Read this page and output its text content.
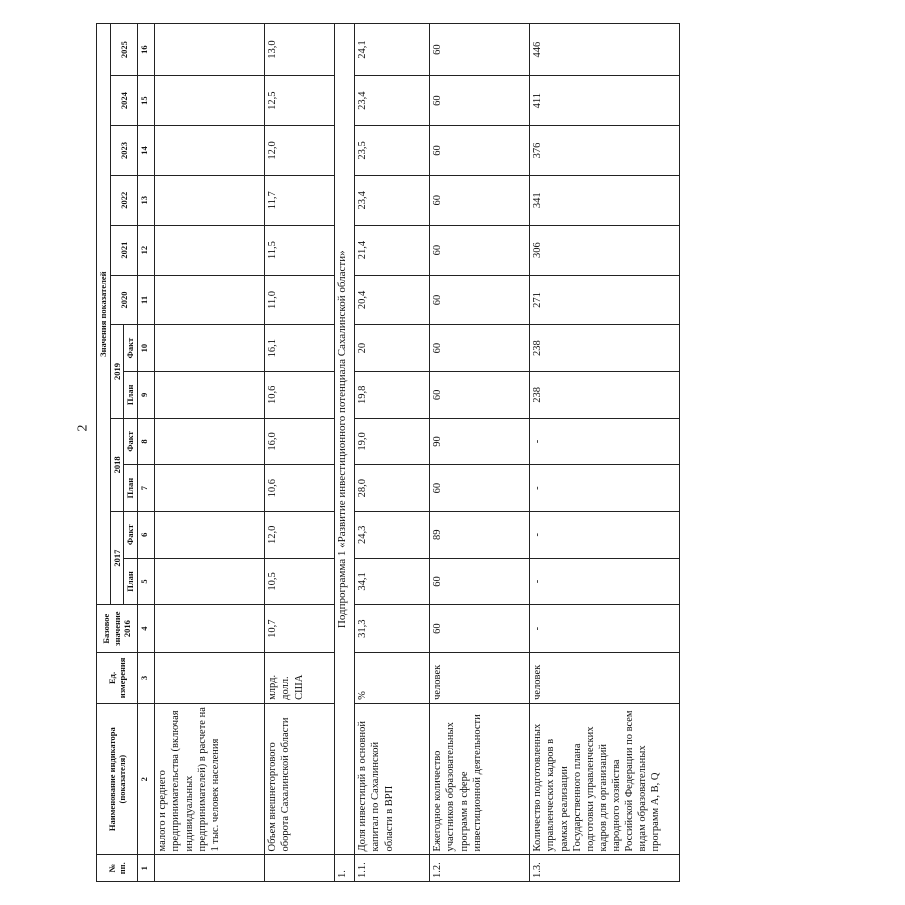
2
№ пп.	Наименование индикатора (показателя)	Ед. измерения	Базовое значение 2016	Значения показателей											
				2017		2018		2019		2020	2021	2022	2023	2024	2025
				План	Факт	План	Факт	План	Факт						

1	2	3	4	5	6	7	8	9	10	11	12	13	14	15	16
	малого и среднего предпринимательства (включая индивидуальных предпринимателей) в расчете на 1 тыс. человек населения														
	Объем внешнеторгового оборота Сахалинской области	млрд. долл. США	10,7	10,5	12,0	10,6	16,0	10,6	16,1	11,0	11,5	11,7	12,0	12,5	13,0
1.	Подпрограмма 1 «Развитие инвестиционного потенциала Сахалинской области»														
1.1.	Доля инвестиций в основной капитал по Сахалинской области в ВРП	%	31,3	34,1	24,3	28,0	19,0	19,8	20	20,4	21,4	23,4	23,5	23,4	24,1
1.2.	Ежегодное количество участников образовательных программ в сфере инвестиционной деятельности	человек	60	60	89	60	90	60	60	60	60	60	60	60	60
1.3.	Количество подготовленных управленческих кадров в рамках реализации Государственного плана подготовки управленческих кадров для организаций народного хозяйства Российской Федерации по всем видам образовательных программ А, В, Q	человек	-	-	-	-	-	238	238	271	306	341	376	411	446
